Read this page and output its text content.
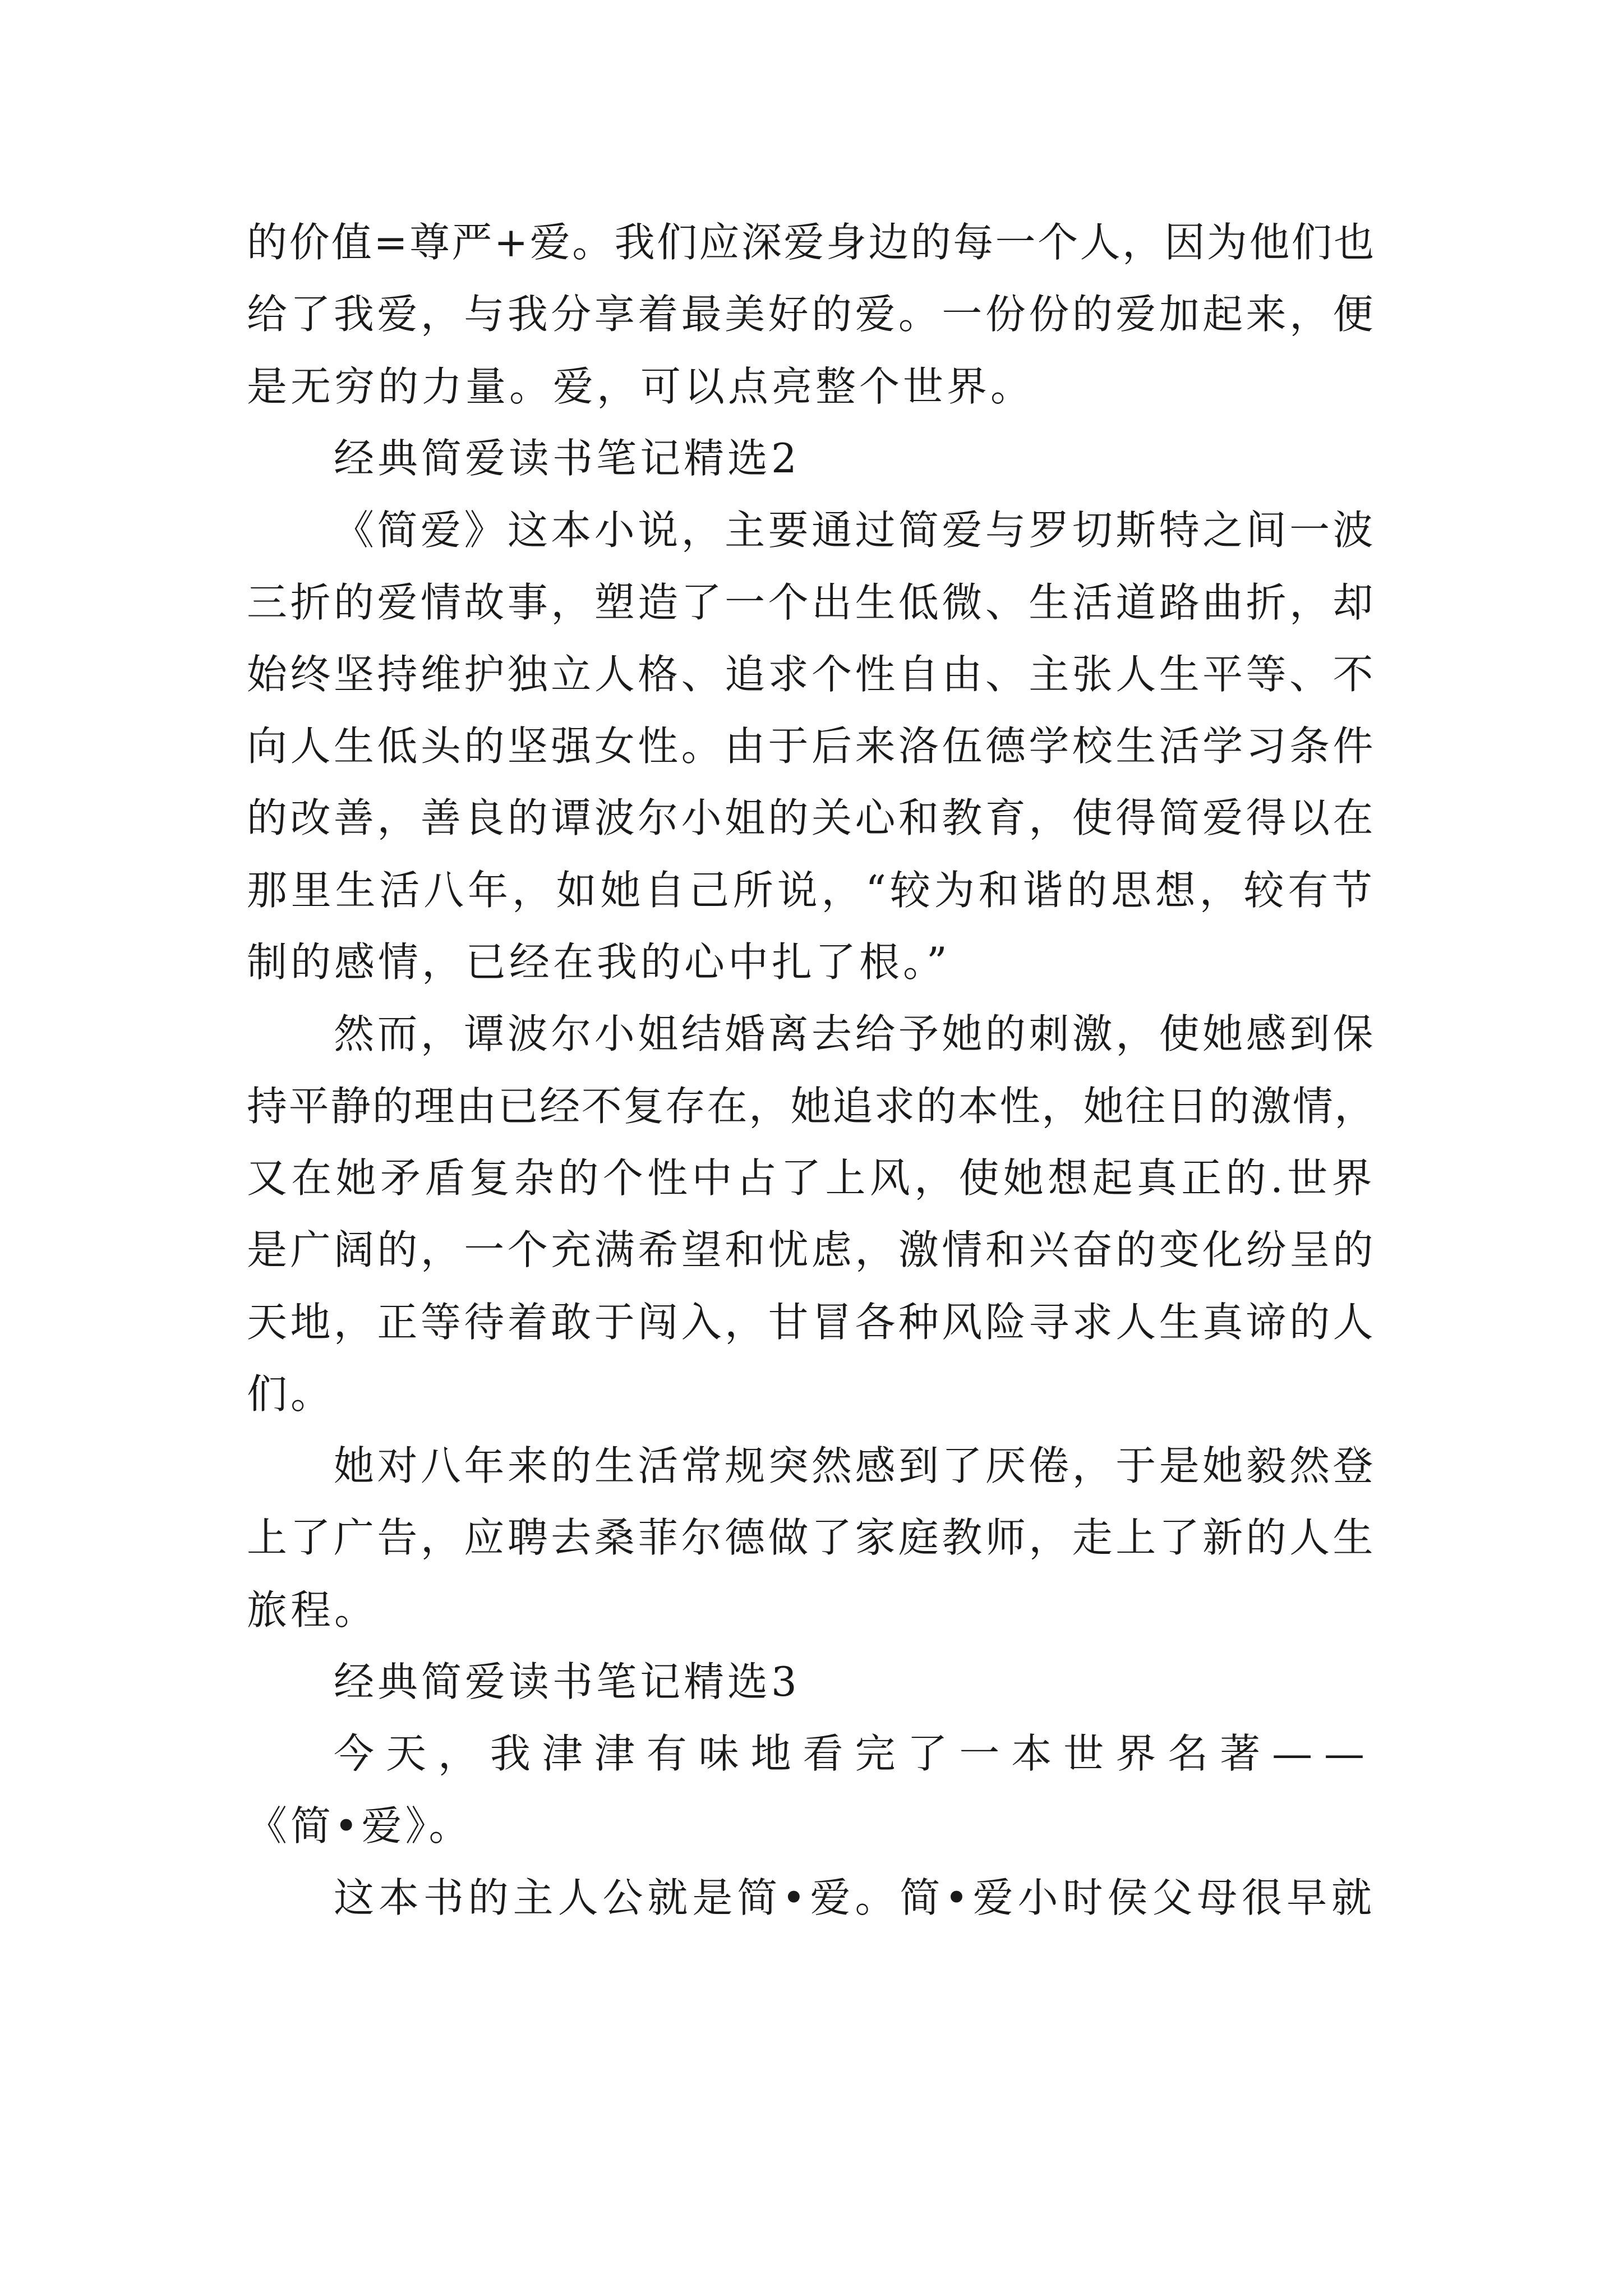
的价值=尊严+爱。我们应深爱身边的每一个人，因为他们也
给了我爱，与我分享着最美好的爱。一份份的爱加起来，便
是无穷的力量。爱，可以点亮整个世界。
经典简爱读书笔记精选2
《简爱》这本小说，主要通过简爱与罗切斯特之间一波
三折的爱情故事，塑造了一个出生低微、生活道路曲折，却
始终坚持维护独立人格、追求个性自由、主张人生平等、不
向人生低头的坚强女性。由于后来洛伍德学校生活学习条件
的改善，善良的谭波尔小姐的关心和教育，使得简爱得以在
那里生活八年，如她自己所说，“较为和谐的思想，较有节
制的感情，已经在我的心中扎了根。”
然而，谭波尔小姐结婚离去给予她的刺激，使她感到保
持平静的理由已经不复存在，她追求的本性，她往日的激情，
又在她矛盾复杂的个性中占了上风，使她想起真正的.世界
是广阔的，一个充满希望和忧虑，激情和兴奋的变化纷呈的
天地，正等待着敢于闯入，甘冒各种风险寻求人生真谛的人
们。
她对八年来的生活常规突然感到了厌倦，于是她毅然登
上了广告，应聘去桑菲尔德做了家庭教师，走上了新的人生
旅程。
经典简爱读书笔记精选3
今天，我津津有味地看完了一本世界名著——
《简•爱》。
这本书的主人公就是简•爱。简•爱小时侯父母很早就
